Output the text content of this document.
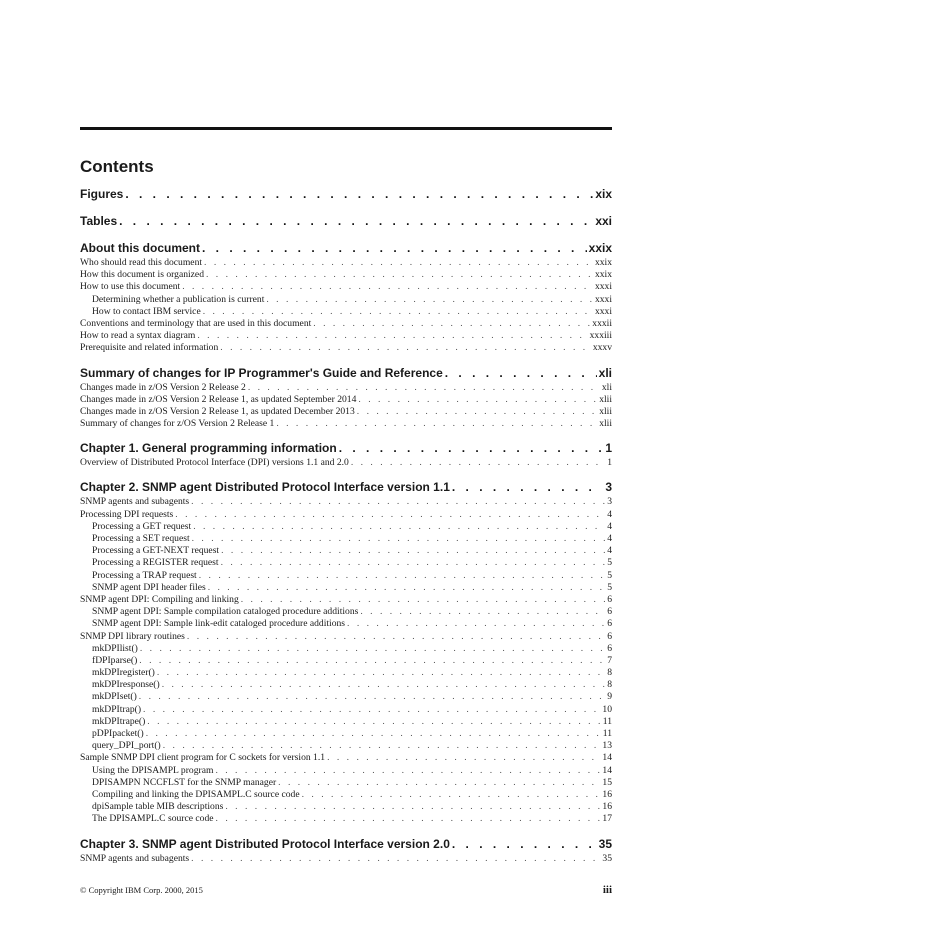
Contents
Figures . . .	xix
Tables . . .	xxi
About this document . . .	xxix
Who should read this document . . .	xxix
How this document is organized . . .	xxix
How to use this document . . .	xxxi
Determining whether a publication is current . . .	xxxi
How to contact IBM service . . .	xxxi
Conventions and terminology that are used in this document . . .	xxxii
How to read a syntax diagram . . .	xxxiii
Prerequisite and related information . . .	xxxv
Summary of changes for IP Programmer's Guide and Reference . . .	xli
Changes made in z/OS Version 2 Release 2 . . .	xli
Changes made in z/OS Version 2 Release 1, as updated September 2014 . . .	xlii
Changes made in z/OS Version 2 Release 1, as updated December 2013 . . .	xlii
Summary of changes for z/OS Version 2 Release 1 . . .	xlii
Chapter 1. General programming information . . .	1
Overview of Distributed Protocol Interface (DPI) versions 1.1 and 2.0 . . .	1
Chapter 2. SNMP agent Distributed Protocol Interface version 1.1 . . .	3
SNMP agents and subagents . . .	3
Processing DPI requests . . .	4
Processing a GET request . . .	4
Processing a SET request . . .	4
Processing a GET-NEXT request . . .	4
Processing a REGISTER request . . .	5
Processing a TRAP request . . .	5
SNMP agent DPI header files . . .	5
SNMP agent DPI: Compiling and linking . . .	6
SNMP agent DPI: Sample compilation cataloged procedure additions . . .	6
SNMP agent DPI: Sample link-edit cataloged procedure additions . . .	6
SNMP DPI library routines . . .	6
mkDPIlist() . . .	6
fDPIparse() . . .	7
mkDPIregister() . . .	8
mkDPIresponse() . . .	8
mkDPIset() . . .	9
mkDPItrap() . . .	10
mkDPItrape() . . .	11
pDPIpacket() . . .	11
query_DPI_port() . . .	13
Sample SNMP DPI client program for C sockets for version 1.1 . . .	14
Using the DPISAMPL program . . .	14
DPISAMPN NCCFLST for the SNMP manager . . .	15
Compiling and linking the DPISAMPL.C source code . . .	16
dpiSample table MIB descriptions . . .	16
The DPISAMPL.C source code . . .	17
Chapter 3. SNMP agent Distributed Protocol Interface version 2.0 . . .	35
SNMP agents and subagents . . .	35
© Copyright IBM Corp. 2000, 2015	iii
